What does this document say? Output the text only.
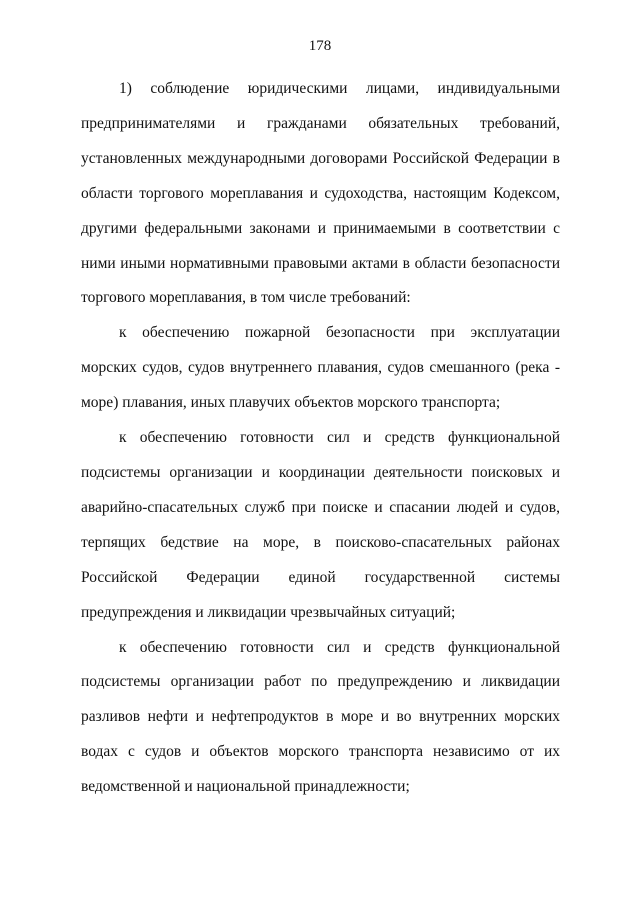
178

1) соблюдение юридическими лицами, индивидуальными предпринимателями и гражданами обязательных требований, установленных международными договорами Российской Федерации в области торгового мореплавания и судоходства, настоящим Кодексом, другими федеральными законами и принимаемыми в соответствии с ними иными нормативными правовыми актами в области безопасности торгового мореплавания, в том числе требований:

к обеспечению пожарной безопасности при эксплуатации морских судов, судов внутреннего плавания, судов смешанного (река - море) плавания, иных плавучих объектов морского транспорта;

к обеспечению готовности сил и средств функциональной подсистемы организации и координации деятельности поисковых и аварийно-спасательных служб при поиске и спасании людей и судов, терпящих бедствие на море, в поисково-спасательных районах Российской Федерации единой государственной системы предупреждения и ликвидации чрезвычайных ситуаций;

к обеспечению готовности сил и средств функциональной подсистемы организации работ по предупреждению и ликвидации разливов нефти и нефтепродуктов в море и во внутренних морских водах с судов и объектов морского транспорта независимо от их ведомственной и национальной принадлежности;
